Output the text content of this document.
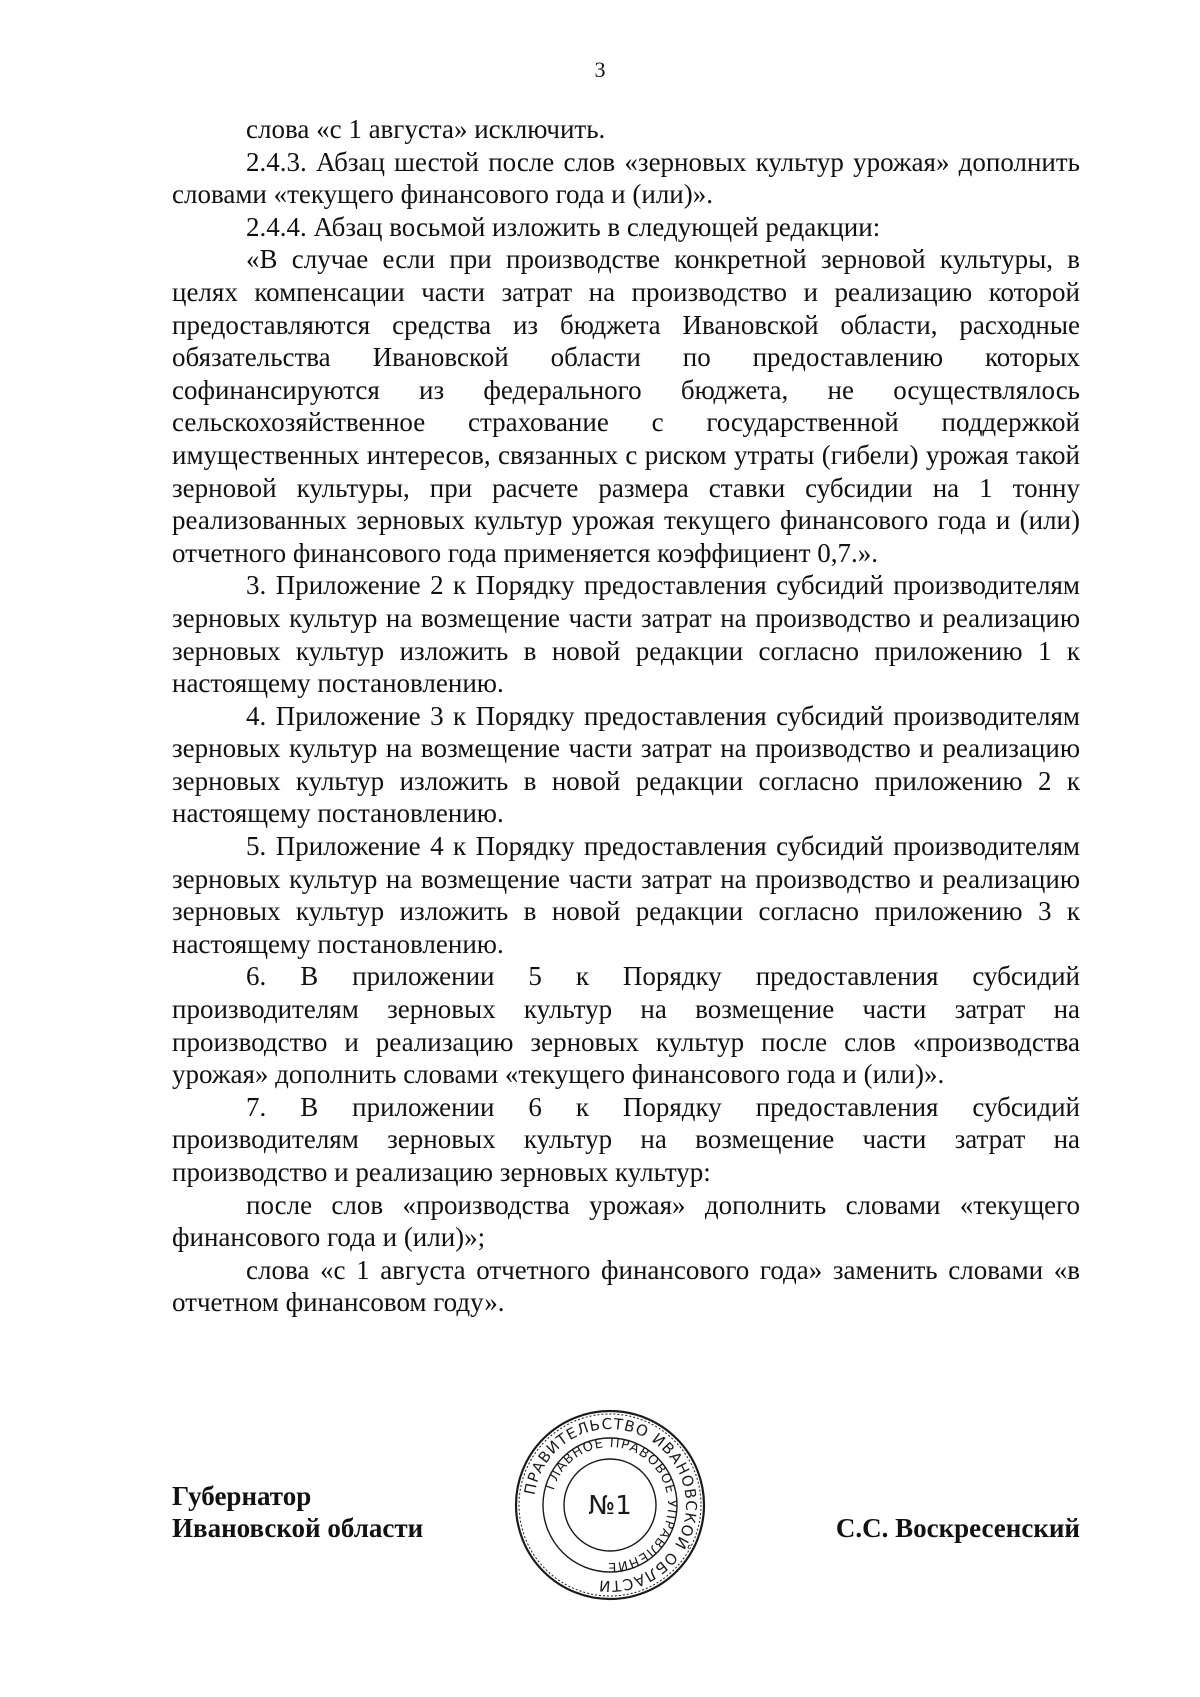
3

слова «с 1 августа» исключить.

2.4.3. Абзац шестой после слов «зерновых культур урожая» дополнить словами «текущего финансового года и (или)».

2.4.4. Абзац восьмой изложить в следующей редакции:

«В случае если при производстве конкретной зерновой культуры, в целях компенсации части затрат на производство и реализацию которой предоставляются средства из бюджета Ивановской области, расходные обязательства Ивановской области по предоставлению которых софинансируются из федерального бюджета, не осуществлялось сельскохозяйственное страхование с государственной поддержкой имущественных интересов, связанных с риском утраты (гибели) урожая такой зерновой культуры, при расчете размера ставки субсидии на 1 тонну реализованных зерновых культур урожая текущего финансового года и (или) отчетного финансового года применяется коэффициент 0,7.».

3. Приложение 2 к Порядку предоставления субсидий производителям зерновых культур на возмещение части затрат на производство и реализацию зерновых культур изложить в новой редакции согласно приложению 1 к настоящему постановлению.

4. Приложение 3 к Порядку предоставления субсидий производителям зерновых культур на возмещение части затрат на производство и реализацию зерновых культур изложить в новой редакции согласно приложению 2 к настоящему постановлению.

5. Приложение 4 к Порядку предоставления субсидий производителям зерновых культур на возмещение части затрат на производство и реализацию зерновых культур изложить в новой редакции согласно приложению 3 к настоящему постановлению.

6. В приложении 5 к Порядку предоставления субсидий производителям зерновых культур на возмещение части затрат на производство и реализацию зерновых культур после слов «производства урожая» дополнить словами «текущего финансового года и (или)».

7. В приложении 6 к Порядку предоставления субсидий производителям зерновых культур на возмещение части затрат на производство и реализацию зерновых культур:

после слов «производства урожая» дополнить словами «текущего финансового года и (или)»;

слова «с 1 августа отчетного финансового года» заменить словами «в отчетном финансовом году».

ПРАВИТЕЛЬСТВО ИВАНОВСКОЙ ОБЛАСТИ
ГЛАВНОЕ ПРАВОВОЕ УПРАВЛЕНИЕ
№1
Губернатор
Ивановской области	С.С. Воскресенский
